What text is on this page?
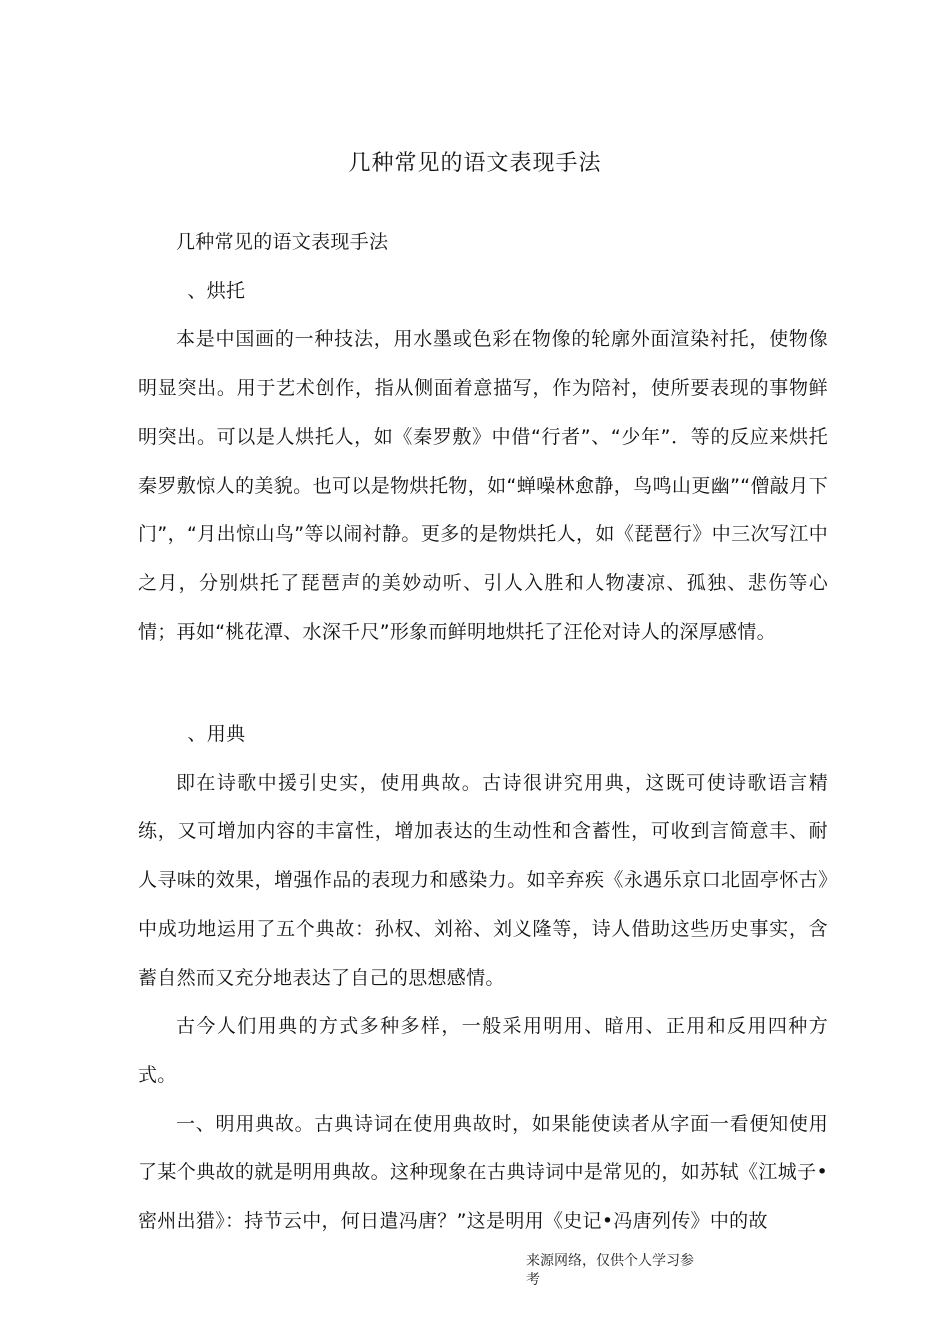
几种常见的语文表现手法

几种常见的语文表现手法

、烘托

本是中国画的一种技法，用水墨或色彩在物像的轮廓外面渲染衬托，使物像明显突出。用于艺术创作，指从侧面着意描写，作为陪衬，使所要表现的事物鲜明突出。可以是人烘托人，如《秦罗敷》中借“行者”、“少年”．等的反应来烘托秦罗敷惊人的美貌。也可以是物烘托物，如“蝉噪林愈静，鸟鸣山更幽”“僧敲月下门”，“月出惊山鸟”等以闹衬静。更多的是物烘托人，如《琵琶行》中三次写江中之月，分别烘托了琵琶声的美妙动听、引人入胜和人物凄凉、孤独、悲伤等心情；再如“桃花潭、水深千尺”形象而鲜明地烘托了汪伦对诗人的深厚感情。

、用典

即在诗歌中援引史实，使用典故。古诗很讲究用典，这既可使诗歌语言精练，又可增加内容的丰富性，增加表达的生动性和含蓄性，可收到言简意丰、耐人寻味的效果，增强作品的表现力和感染力。如辛弃疾《永遇乐京口北固亭怀古》中成功地运用了五个典故：孙权、刘裕、刘义隆等，诗人借助这些历史事实，含蓄自然而又充分地表达了自己的思想感情。

古今人们用典的方式多种多样，一般采用明用、暗用、正用和反用四种方式。

一、明用典故。古典诗词在使用典故时，如果能使读者从字面一看便知使用了某个典故的就是明用典故。这种现象在古典诗词中是常见的，如苏轼《江城子•密州出猎》：持节云中，何日遣冯唐？”这是明用《史记•冯唐列传》中的故

来源网络，仅供个人学习参
考
